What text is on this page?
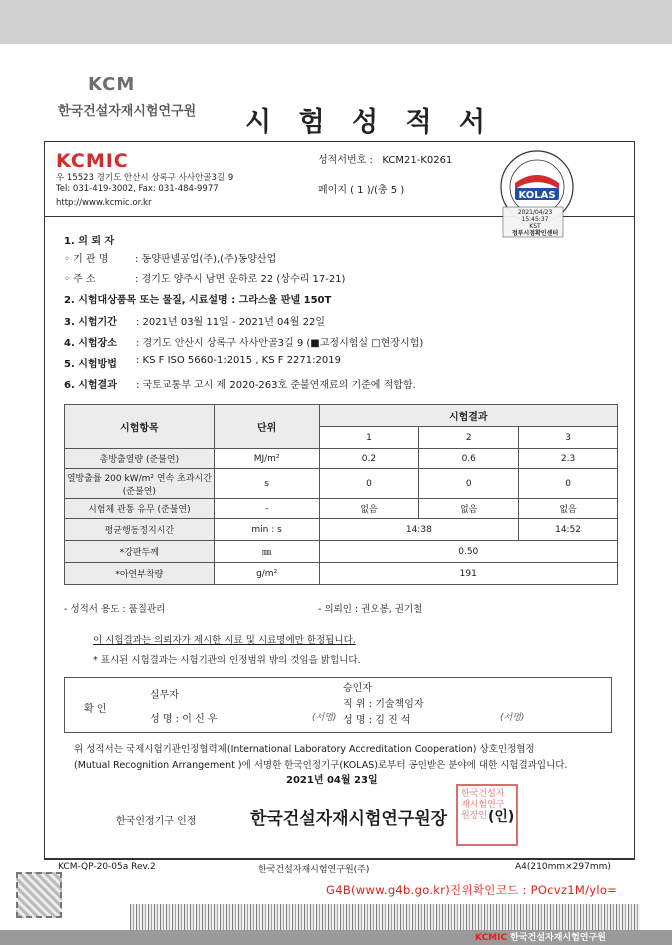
KCM
한국건설자재시험연구원 시 험 성 적 서
KCMIC
우 15523 경기도 안산시 상록구 사사안골3길 9
Tel: 031-419-3002, Fax: 031-484-9977
http://www.kcmic.or.kr
성적서번호 : KCM21-K0261
페이지 ( 1 )/(총 5 )	KOLAS
2021/04/23
15:45:37
KST
정부시점확인센터
1. 의 뢰 자
◦ 기 관 명	: 동양판넬공업(주),(주)동양산업
◦ 주 소	: 경기도 양주시 남면 운하로 22 (상수리 17-21)
2. 시험대상품목 또는 물질, 시료설명 : 그라스울 판넬 150T
3. 시험기간 : 2021년 03월 11일 - 2021년 04월 22일
4. 시험장소 : 경기도 안산시 상록구 사사안골3길 9 (■고정시험실 □현장시험)
5. 시험방법 : KS F ISO 5660-1:2015 , KS F 2271:2019
6. 시험결과 : 국토교통부 고시 제 2020-263호 준불연재료의 기준에 적합함.
시험항목	단위	시험결과		
		1	2	3
총방출열량 (준불연)	MJ/m²	0.2	0.6	2.3
열방출률 200 kW/m² 연속 초과시간 (준불연)	s	0	0	0
시험체 관통 유무 (준불연)	-	없음	없음	없음
평균행동정지시간	min : s	14:38		14:52
*강판두께	㎜	0.50		
*아연부착량	g/m²	191		
- 성적서 용도 : 품질관리	- 의뢰인 : 권오봉, 권기철
이 시험결과는 의뢰자가 제시한 시료 및 시료명에만 한정됩니다.
* 표시된 시험결과는 시험기관의 인정범위 밖의 것임을 밝힙니다.
확 인
실무자
성 명 : 이 신 우	(서명)
승인자
직 위 : 기술책임자
성 명 : 김 진 석	(서명)
위 성적서는 국제시험기관인정협력체(International Laboratory Accreditation Cooperation) 상호인정협정
(Mutual Recognition Arrangement )에 서명한 한국인정기구(KOLAS)로부터 공인받은 분야에 대한 시험결과입니다.
2021년 04월 23일
한국인정기구 인정
한국건설자재시험연구원장인
한국건설자재시험연구원장	(인)
KCM-QP-20-05a Rev.2	한국건설자재시험연구원(주)	A4(210mm×297mm)
G4B(www.g4b.go.kr)진위확인코드 : POcvz1M/ylo=
KCMIC 한국건설자재시험연구원
